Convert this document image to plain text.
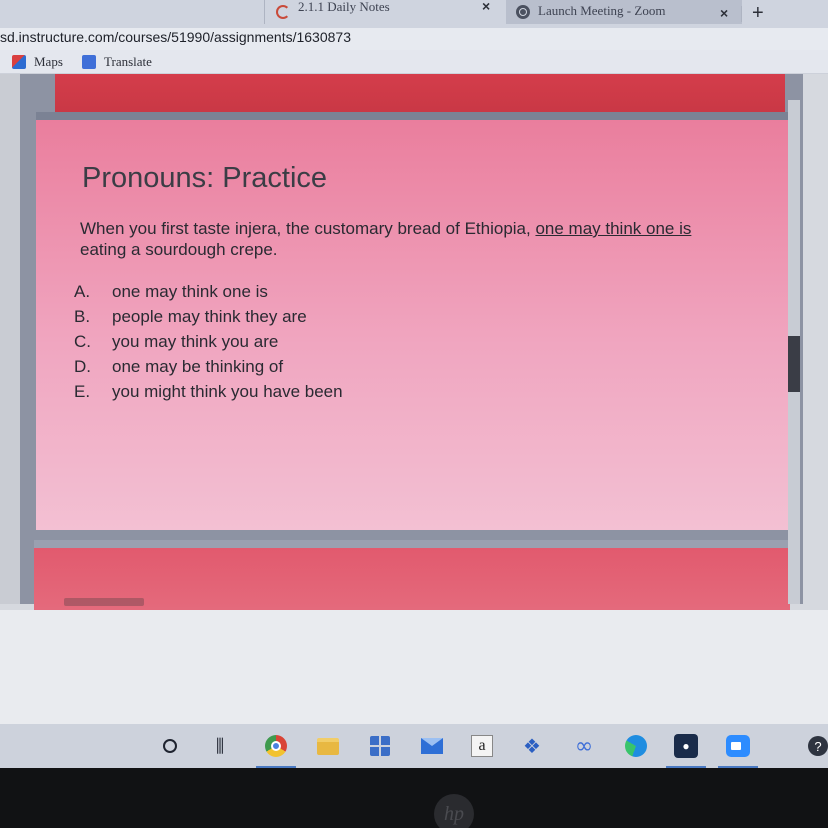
2.1.1 Daily Notes	×	Launch Meeting - Zoom	× +
sd.instructure.com/courses/51990/assignments/1630873
Maps	Translate
Pronouns: Practice
When you first taste injera, the customary bread of Ethiopia, one may think one is
eating a sourdough crepe.
A.	one may think one is
B.	people may think they are
C.	you may think you are
D.	one may be thinking of
E.	you might think you have been
⫼	a	❖ ∞	●	?
hp
